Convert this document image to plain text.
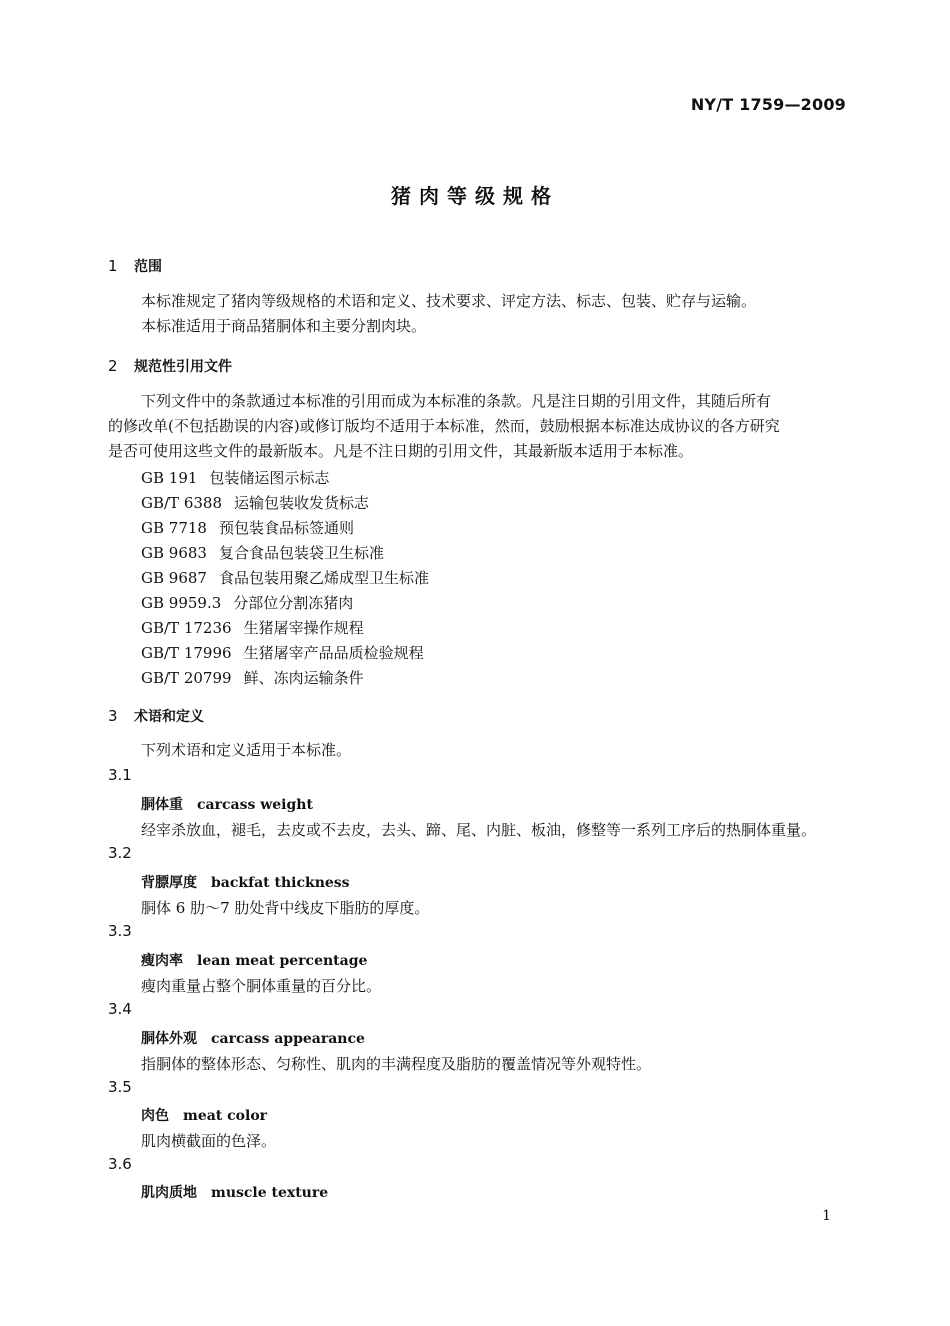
NY/T 1759—2009
猪肉等级规格
1 范围
本标准规定了猪肉等级规格的术语和定义、技术要求、评定方法、标志、包装、贮存与运输。
本标准适用于商品猪胴体和主要分割肉块。
2 规范性引用文件
下列文件中的条款通过本标准的引用而成为本标准的条款。凡是注日期的引用文件，其随后所有
的修改单(不包括勘误的内容)或修订版均不适用于本标准，然而，鼓励根据本标准达成协议的各方研究
是否可使用这些文件的最新版本。凡是不注日期的引用文件，其最新版本适用于本标准。
GB 191 包装储运图示标志
GB/T 6388 运输包装收发货标志
GB 7718 预包装食品标签通则
GB 9683 复合食品包装袋卫生标准
GB 9687 食品包装用聚乙烯成型卫生标准
GB 9959.3 分部位分割冻猪肉
GB/T 17236 生猪屠宰操作规程
GB/T 17996 生猪屠宰产品品质检验规程
GB/T 20799 鲜、冻肉运输条件
3 术语和定义
下列术语和定义适用于本标准。
3.1
胴体重 carcass weight
经宰杀放血，褪毛，去皮或不去皮，去头、蹄、尾、内脏、板油，修整等一系列工序后的热胴体重量。
3.2
背膘厚度 backfat thickness
胴体 6 肋～7 肋处背中线皮下脂肪的厚度。
3.3
瘦肉率 lean meat percentage
瘦肉重量占整个胴体重量的百分比。
3.4
胴体外观 carcass appearance
指胴体的整体形态、匀称性、肌肉的丰满程度及脂肪的覆盖情况等外观特性。
3.5
肉色 meat color
肌肉横截面的色泽。
3.6
肌肉质地 muscle texture
1
